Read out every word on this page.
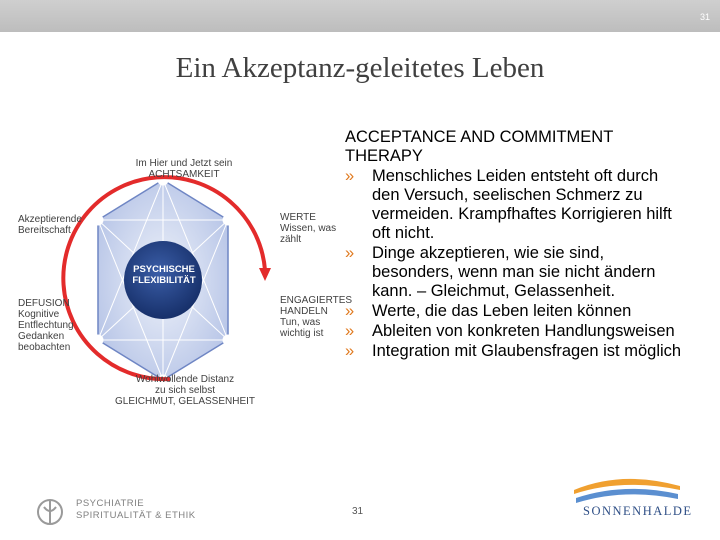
31
Ein Akzeptanz-geleitetes Leben
PSYCHISCHE
FLEXIBILITÄT
Im Hier und Jetzt sein
ACHTSAMKEIT
Akzeptierende
Bereitschaft
WERTE
Wissen, was
zählt
DEFUSION
Kognitive
Entflechtung
Gedanken
beobachten
ENGAGIERTES
HANDELN
Tun, was
wichtig ist
Wohlwollende Distanz
zu sich selbst
GLEICHMUT, GELASSENHEIT
ACCEPTANCE AND COMMITMENT THERAPY
» Menschliches Leiden entsteht oft durch den Versuch, seelischen Schmerz zu vermeiden. Krampfhaftes Korrigieren hilft oft nicht.
» Dinge akzeptieren, wie sie sind, besonders, wenn man sie nicht ändern kann. – Gleichmut, Gelassenheit.
» Werte, die das Leben leiten können
» Ableiten von konkreten Handlungsweisen
» Integration mit Glaubensfragen ist möglich
PSYCHIATRIE
SPIRITUALITÄT & ETHIK	31	SONNENHALDE
